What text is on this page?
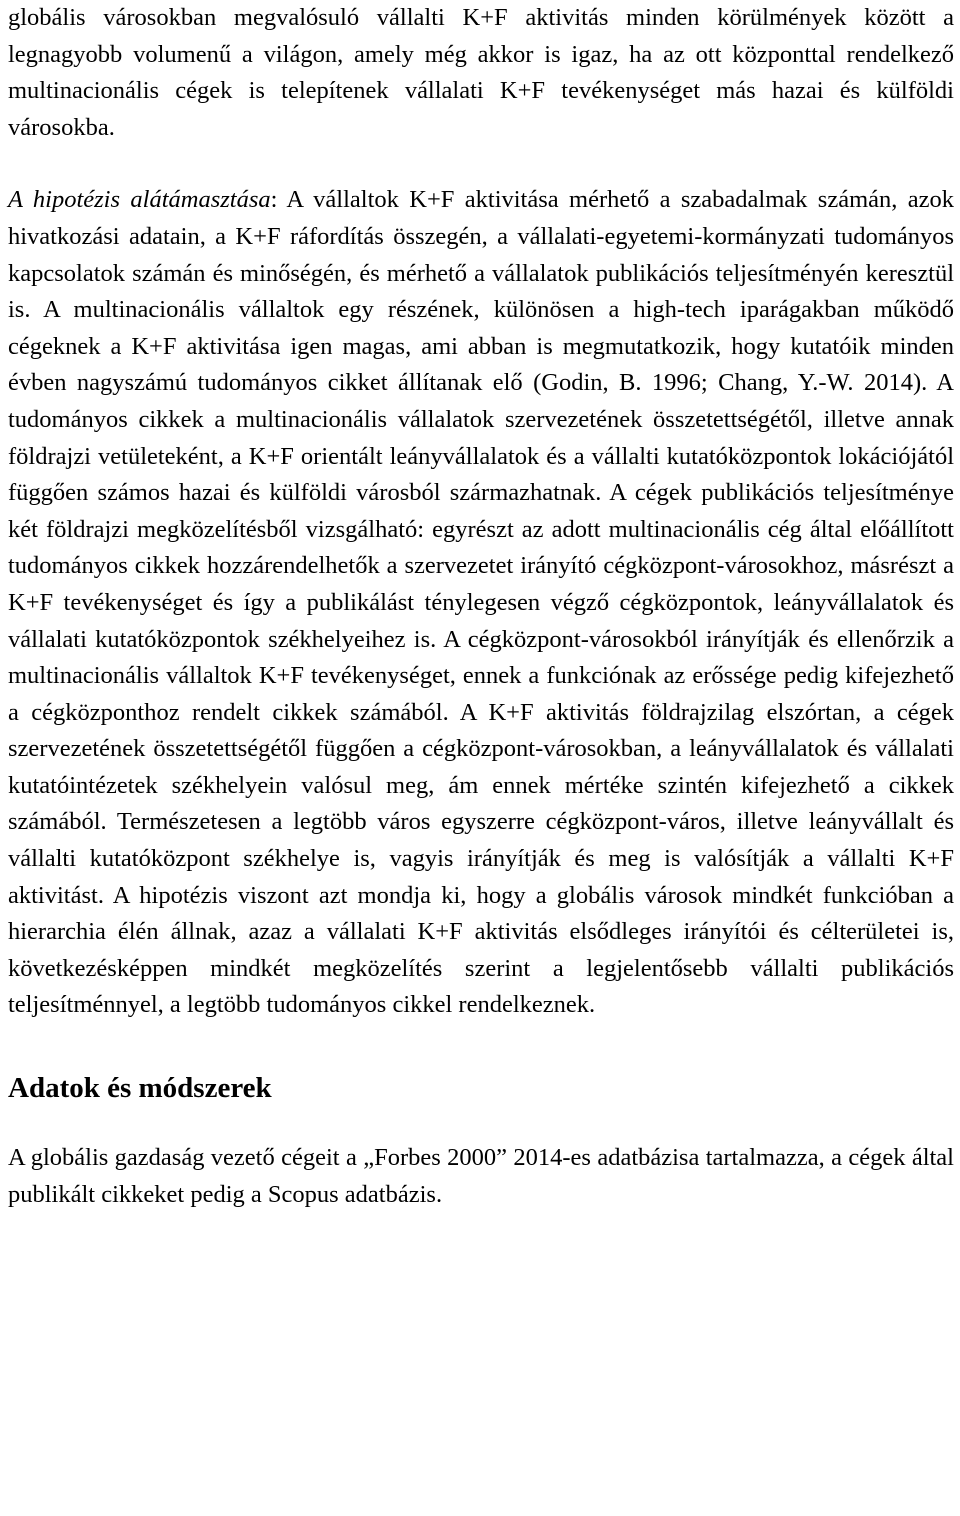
globális városokban megvalósuló vállalti K+F aktivitás minden körülmények között a legnagyobb volumenű a világon, amely még akkor is igaz, ha az ott központtal rendelkező multinacionális cégek is telepítenek vállalati K+F tevékenységet más hazai és külföldi városokba.

A hipotézis alátámasztása: A vállaltok K+F aktivitása mérhető a szabadalmak számán, azok hivatkozási adatain, a K+F ráfordítás összegén, a vállalati-egyetemi-kormányzati tudományos kapcsolatok számán és minőségén, és mérhető a vállalatok publikációs teljesítményén keresztül is. A multinacionális vállaltok egy részének, különösen a high-tech iparágakban működő cégeknek a K+F aktivitása igen magas, ami abban is megmutatkozik, hogy kutatóik minden évben nagyszámú tudományos cikket állítanak elő (Godin, B. 1996; Chang, Y.-W. 2014). A tudományos cikkek a multinacionális vállalatok szervezetének összetettségétől, illetve annak földrajzi vetületeként, a K+F orientált leányvállalatok és a vállalti kutatóközpontok lokációjától függően számos hazai és külföldi városból származhatnak. A cégek publikációs teljesítménye két földrajzi megközelítésből vizsgálható: egyrészt az adott multinacionális cég által előállított tudományos cikkek hozzárendelhetők a szervezetet irányító cégközpont-városokhoz, másrészt a K+F tevékenységet és így a publikálást ténylegesen végző cégközpontok, leányvállalatok és vállalati kutatóközpontok székhelyeihez is. A cégközpont-városokból irányítják és ellenőrzik a multinacionális vállaltok K+F tevékenységet, ennek a funkciónak az erőssége pedig kifejezhető a cégközponthoz rendelt cikkek számából. A K+F aktivitás földrajzilag elszórtan, a cégek szervezetének összetettségétől függően a cégközpont-városokban, a leányvállalatok és vállalati kutatóintézetek székhelyein valósul meg, ám ennek mértéke szintén kifejezhető a cikkek számából. Természetesen a legtöbb város egyszerre cégközpont-város, illetve leányvállalt és vállalti kutatóközpont székhelye is, vagyis irányítják és meg is valósítják a vállalti K+F aktivitást. A hipotézis viszont azt mondja ki, hogy a globális városok mindkét funkcióban a hierarchia élén állnak, azaz a vállalati K+F aktivitás elsődleges irányítói és célterületei is, következésképpen mindkét megközelítés szerint a legjelentősebb vállalti publikációs teljesítménnyel, a legtöbb tudományos cikkel rendelkeznek.

Adatok és módszerek

A globális gazdaság vezető cégeit a „Forbes 2000” 2014-es adatbázisa tartalmazza, a cégek által publikált cikkeket pedig a Scopus adatbázis.
